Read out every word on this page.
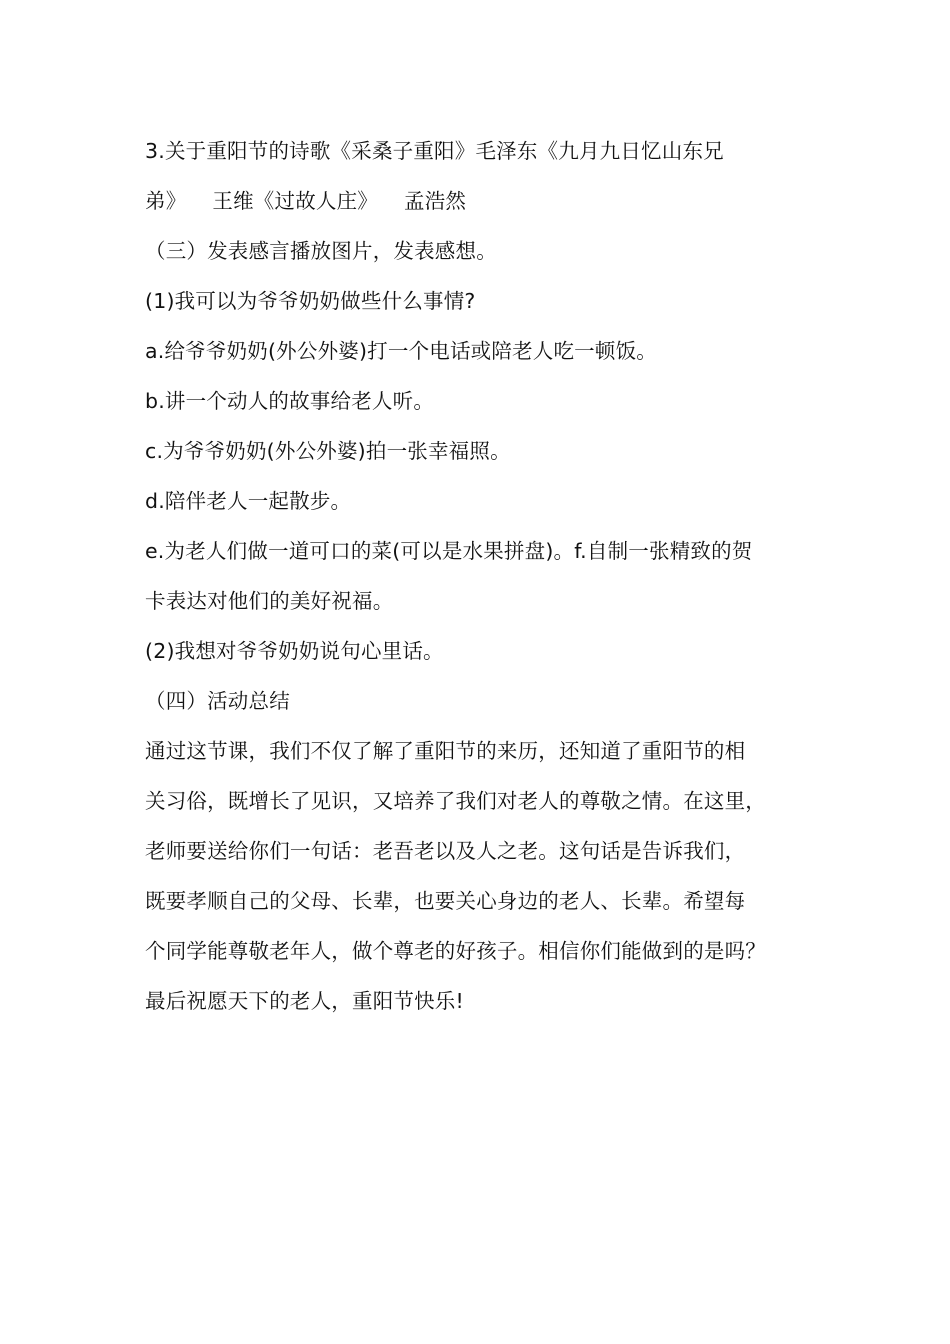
3.关于重阳节的诗歌《采桑子重阳》毛泽东《九月九日忆山东兄
弟》 王维《过故人庄》 孟浩然
（三）发表感言播放图片，发表感想。
(1)我可以为爷爷奶奶做些什么事情?
a.给爷爷奶奶(外公外婆)打一个电话或陪老人吃一顿饭。
b.讲一个动人的故事给老人听。
c.为爷爷奶奶(外公外婆)拍一张幸福照。
d.陪伴老人一起散步。
e.为老人们做一道可口的菜(可以是水果拼盘)。f.自制一张精致的贺
卡表达对他们的美好祝福。
(2)我想对爷爷奶奶说句心里话。
（四）活动总结
通过这节课，我们不仅了解了重阳节的来历，还知道了重阳节的相
关习俗，既增长了见识，又培养了我们对老人的尊敬之情。在这里，
老师要送给你们一句话：老吾老以及人之老。这句话是告诉我们，
既要孝顺自己的父母、长辈，也要关心身边的老人、长辈。希望每
个同学能尊敬老年人，做个尊老的好孩子。相信你们能做到的是吗？
最后祝愿天下的老人，重阳节快乐!
